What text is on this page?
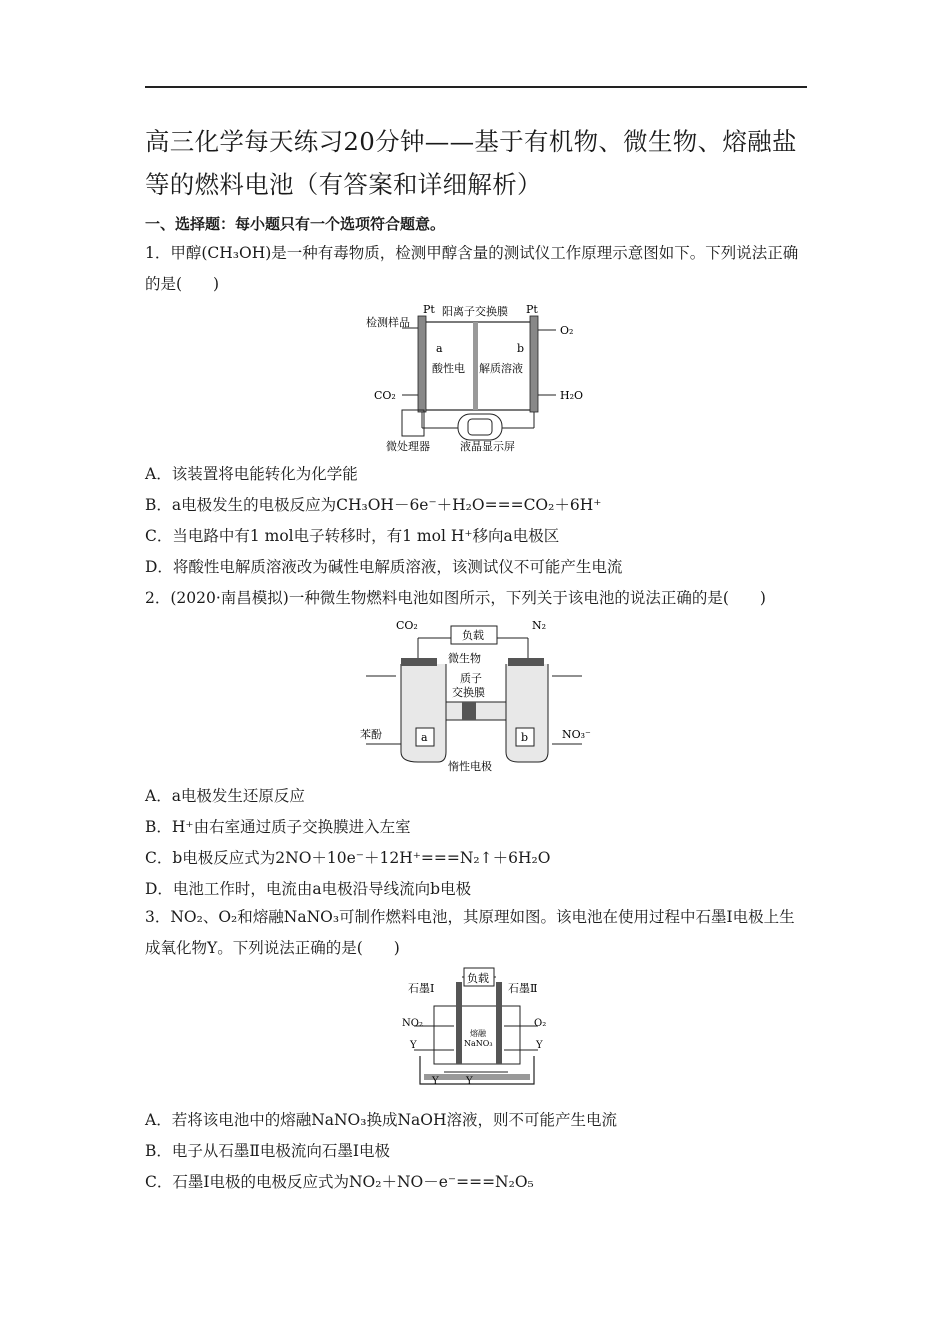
高三化学每天练习20分钟——基于有机物、微生物、熔融盐等的燃料电池（有答案和详细解析）
一、选择题：每小题只有一个选项符合题意。
1．甲醇(CH₃OH)是一种有毒物质，检测甲醇含量的测试仪工作原理示意图如下。下列说法正确的是(　　)
Pt	Pt
阳离子交换膜
检测样品
O₂
a	b
酸性电 解质溶液
CO₂	H₂O
微处理器	液晶显示屏
A．该装置将电能转化为化学能
B．a电极发生的电极反应为CH₃OH－6e⁻＋H₂O===CO₂＋6H⁺
C．当电路中有1 mol电子转移时，有1 mol H⁺移向a电极区
D．将酸性电解质溶液改为碱性电解质溶液，该测试仪不可能产生电流
2．(2020·南昌模拟)一种微生物燃料电池如图所示，下列关于该电池的说法正确的是(　　)
CO₂
负载
N₂
微生物
质子
交换膜
苯酚	a	b	NO₃⁻
惰性电极
A．a电极发生还原反应
B．H⁺由右室通过质子交换膜进入左室
C．b电极反应式为2NO＋10e⁻＋12H⁺===N₂↑＋6H₂O
D．电池工作时，电流由a电极沿导线流向b电极
3．NO₂、O₂和熔融NaNO₃可制作燃料电池，其原理如图。该电池在使用过程中石墨Ⅰ电极上生成氧化物Y。下列说法正确的是(　　)
负载
石墨Ⅰ	石墨Ⅱ
NO₂	O₂
Y	Y
熔融
NaNO₃
Y	Y
A．若将该电池中的熔融NaNO₃换成NaOH溶液，则不可能产生电流
B．电子从石墨Ⅱ电极流向石墨Ⅰ电极
C．石墨Ⅰ电极的电极反应式为NO₂＋NO－e⁻===N₂O₅
